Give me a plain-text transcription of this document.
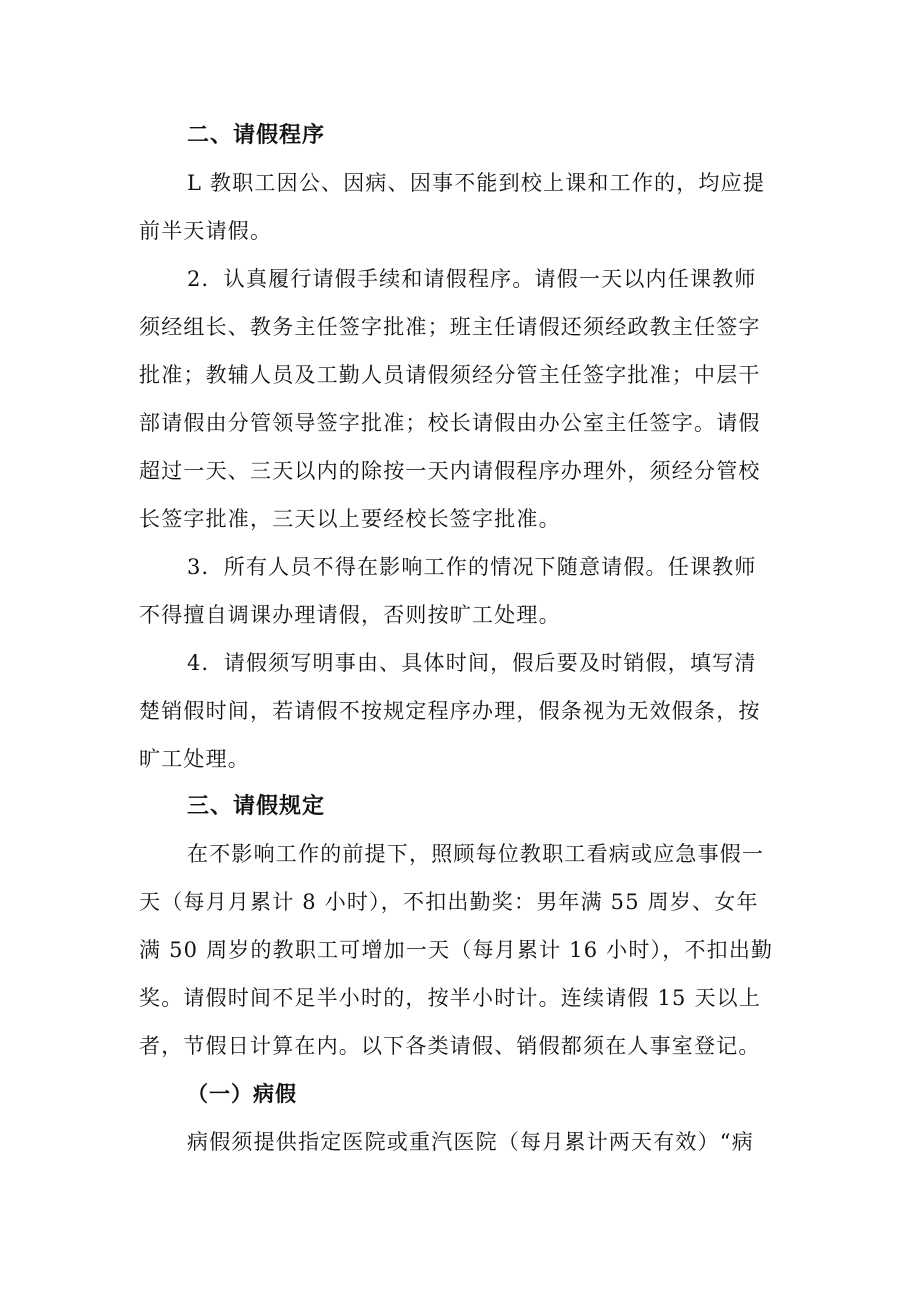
二、请假程序

L 教职工因公、因病、因事不能到校上课和工作的，均应提
前半天请假。

2．认真履行请假手续和请假程序。请假一天以内任课教师
须经组长、教务主任签字批准；班主任请假还须经政教主任签字
批准；教辅人员及工勤人员请假须经分管主任签字批准；中层干
部请假由分管领导签字批准；校长请假由办公室主任签字。请假
超过一天、三天以内的除按一天内请假程序办理外，须经分管校
长签字批准，三天以上要经校长签字批准。

3．所有人员不得在影响工作的情况下随意请假。任课教师
不得擅自调课办理请假，否则按旷工处理。

4．请假须写明事由、具体时间，假后要及时销假，填写清
楚销假时间，若请假不按规定程序办理，假条视为无效假条，按
旷工处理。

三、请假规定

在不影响工作的前提下，照顾每位教职工看病或应急事假一
天（每月月累计 8 小时），不扣出勤奖：男年满 55 周岁、女年
满 50 周岁的教职工可增加一天（每月累计 16 小时），不扣出勤
奖。请假时间不足半小时的，按半小时计。连续请假 15 天以上
者，节假日计算在内。以下各类请假、销假都须在人事室登记。

（一）病假

病假须提供指定医院或重汽医院（每月累计两天有效）“病
